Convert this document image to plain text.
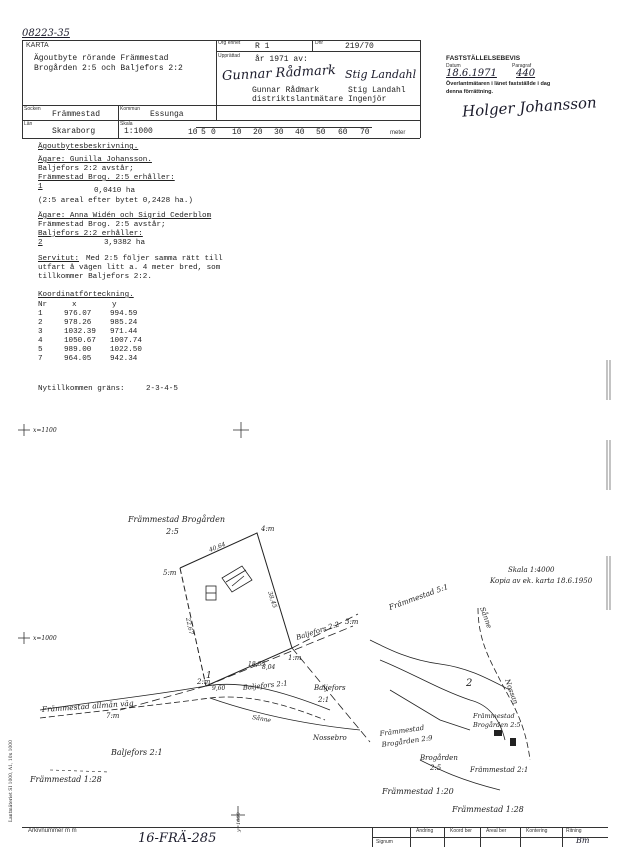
08223-35
KARTA
Ägoutbyte rörande Främmestad
Brogården 2:5 och Baljefors 2:2
Org enhet R 1	Dnr	219/70
Upprättad år 1971 av:
Gunnar Rådmark Stig Landahl
Gunnar Rådmark
distriktslantmätare
Stig Landahl
Ingenjör
Socken
Främmestad
Kommun
Essunga
Län
Skaraborg
Skala
1:1000	10 5 0 10 20 30 40 50 60 70	meter
FASTSTÄLLELSEBEVIS
Datum	Paragraf
18.6.1971 440
Överlantmätaren i länet fastställde i dag
denna förrättning.
Holger Johansson
Ägoutbytesbeskrivning.
Ägare: Gunilla Johansson.
Baljefors 2:2 avstår;
Främmestad Brog. 2:5 erhåller:
1	0,0410 ha
(2:5 areal efter bytet 0,2428 ha.)
Ägare: Anna Widén och Sigrid Cederblom
Främmestad Brog. 2:5 avstår;
Baljefors 2:2 erhåller:
2	3,9382 ha
Servitut: Med 2:5 följer samma rätt till
utfart å vägen litt a. 4 meter bred, som
tillkommer Baljefors 2:2.
Koordinatförteckning.
Nr	x	y
1	976.07 994.59
2	978.26 985.24
3	1032.39 971.44
4	1050.67 1007.74
5	989.00 1022.50
7	964.05 942.34
Nytillkommen gräns:	2-3-4-5
x=1100
x=1000
y=1000
Främmestad Brogården
2:5	4:m
5:m
1:m
2:m
3:m
7:m
40,64
38,45
22,67
18,85
9,60
8,04
Baljefors 2:2
Baljefors 2:1	Baljefors
2:1
Baljefors 2:1
Främmestad allmän väg
1
Nossebro
Sånne
Främmestad 1:28
Skala 1:4000
Kopia av ek. karta 18.6.1950
Främmestad 5:1
2	Nossan
Sånne
Främmestad
Brogården 2:5
Främmestad
Brogården 2:9
Brogården
2:5	Främmestad 2:1
Främmestad 1:20
Främmestad 1:28
Lantmäteriet SI 1000, A1, 10x 1000
Arkivnummer m m	16-FRÄ-285	Signum
Ändring	Koord ber	Areal ber	Kontering	Ritning
Bm
